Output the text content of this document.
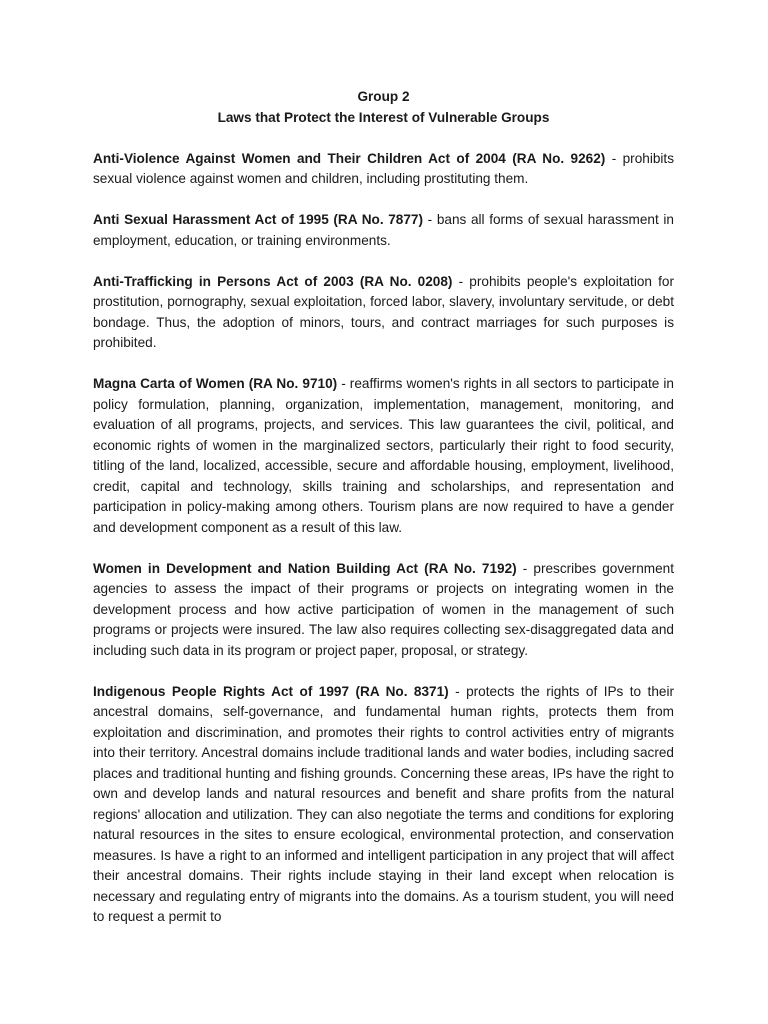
Group 2
Laws that Protect the Interest of Vulnerable Groups

Anti-Violence Against Women and Their Children Act of 2004 (RA No. 9262) - prohibits sexual violence against women and children, including prostituting them.

Anti Sexual Harassment Act of 1995 (RA No. 7877) - bans all forms of sexual harassment in employment, education, or training environments.

Anti-Trafficking in Persons Act of 2003 (RA No. 0208) - prohibits people's exploitation for prostitution, pornography, sexual exploitation, forced labor, slavery, involuntary servitude, or debt bondage. Thus, the adoption of minors, tours, and contract marriages for such purposes is prohibited.

Magna Carta of Women (RA No. 9710) - reaffirms women's rights in all sectors to participate in policy formulation, planning, organization, implementation, management, monitoring, and evaluation of all programs, projects, and services. This law guarantees the civil, political, and economic rights of women in the marginalized sectors, particularly their right to food security, titling of the land, localized, accessible, secure and affordable housing, employment, livelihood, credit, capital and technology, skills training and scholarships, and representation and participation in policy-making among others. Tourism plans are now required to have a gender and development component as a result of this law.

Women in Development and Nation Building Act (RA No. 7192) - prescribes government agencies to assess the impact of their programs or projects on integrating women in the development process and how active participation of women in the management of such programs or projects were insured. The law also requires collecting sex-disaggregated data and including such data in its program or project paper, proposal, or strategy.

Indigenous People Rights Act of 1997 (RA No. 8371) - protects the rights of IPs to their ancestral domains, self-governance, and fundamental human rights, protects them from exploitation and discrimination, and promotes their rights to control activities entry of migrants into their territory. Ancestral domains include traditional lands and water bodies, including sacred places and traditional hunting and fishing grounds. Concerning these areas, IPs have the right to own and develop lands and natural resources and benefit and share profits from the natural regions' allocation and utilization. They can also negotiate the terms and conditions for exploring natural resources in the sites to ensure ecological, environmental protection, and conservation measures. Is have a right to an informed and intelligent participation in any project that will affect their ancestral domains. Their rights include staying in their land except when relocation is necessary and regulating entry of migrants into the domains. As a tourism student, you will need to request a permit to
